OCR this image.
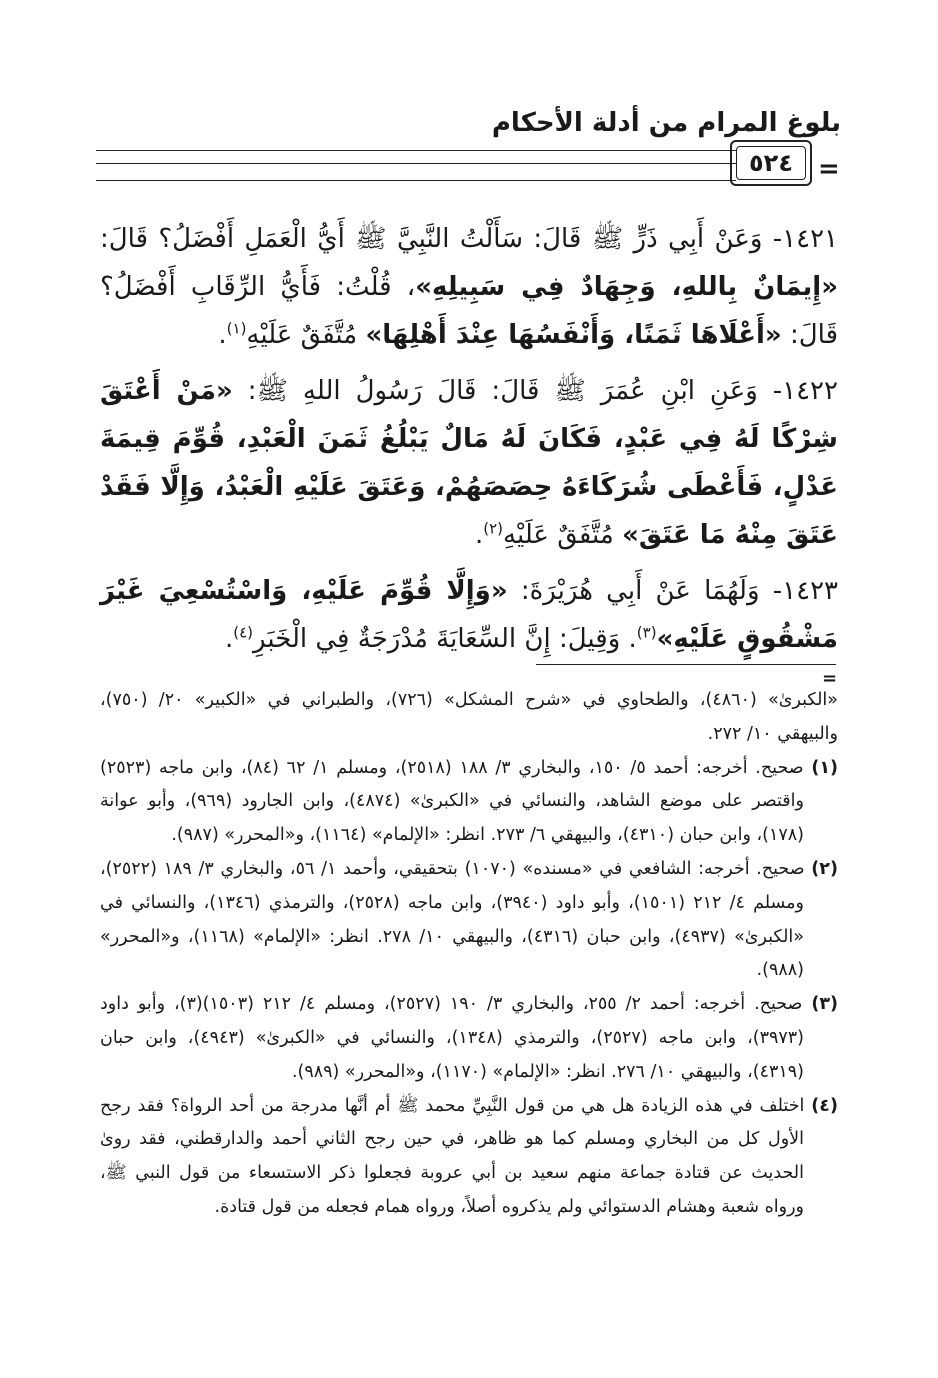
بلوغ المرام من أدلة الأحكام
٥٢٤ =

١٤٢١- وَعَنْ أَبِي ذَرٍّ ﷺ قَالَ: سَأَلْتُ النَّبِيَّ ﷺ أَيُّ الْعَمَلِ أَفْضَلُ؟ قَالَ: «إِيمَانٌ بِاللهِ، وَجِهَادٌ فِي سَبِيلِهِ»، قُلْتُ: فَأَيُّ الرِّقَابِ أَفْضَلُ؟ قَالَ: «أَعْلَاهَا ثَمَنًا، وَأَنْفَسُهَا عِنْدَ أَهْلِهَا» مُتَّفَقٌ عَلَيْهِ$^{(١)}$.

١٤٢٢- وَعَنِ ابْنِ عُمَرَ ﷺ قَالَ: قَالَ رَسُولُ اللهِ ﷺ: «مَنْ أَعْتَقَ شِرْكًا لَهُ فِي عَبْدٍ، فَكَانَ لَهُ مَالٌ يَبْلُغُ ثَمَنَ الْعَبْدِ، قُوِّمَ قِيمَةَ عَدْلٍ، فَأَعْطَى شُرَكَاءَهُ حِصَصَهُمْ، وَعَتَقَ عَلَيْهِ الْعَبْدُ، وَإِلَّا فَقَدْ عَتَقَ مِنْهُ مَا عَتَقَ» مُتَّفَقٌ عَلَيْهِ$^{(٢)}$.

١٤٢٣- وَلَهُمَا عَنْ أَبِي هُرَيْرَةَ: «وَإِلَّا قُوِّمَ عَلَيْهِ، وَاسْتُسْعِيَ غَيْرَ مَشْقُوقٍ عَلَيْهِ»$^{(٣)}$. وَقِيلَ: إِنَّ السِّعَايَةَ مُدْرَجَةٌ فِي الْخَبَرِ$^{(٤)}$.

=

«الكبرىٰ» (٤٨٦٠)، والطحاوي في «شرح المشكل» (٧٢٦)، والطبراني في «الكبير» ٢٠/ (٧٥٠)، والبيهقي ١٠/ ٢٧٢.

(١) صحيح. أخرجه: أحمد ٥/ ١٥٠، والبخاري ٣/ ١٨٨ (٢٥١٨)، ومسلم ١/ ٦٢ (٨٤)، وابن ماجه (٢٥٢٣) واقتصر على موضع الشاهد، والنسائي في «الكبرىٰ» (٤٨٧٤)، وابن الجارود (٩٦٩)، وأبو عوانة (١٧٨)، وابن حبان (٤٣١٠)، والبيهقي ٦/ ٢٧٣. انظر: «الإلمام» (١١٦٤)، و«المحرر» (٩٨٧).

(٢) صحيح. أخرجه: الشافعي في «مسنده» (١٠٧٠) بتحقيقي، وأحمد ١/ ٥٦، والبخاري ٣/ ١٨٩ (٢٥٢٢)، ومسلم ٤/ ٢١٢ (١٥٠١)، وأبو داود (٣٩٤٠)، وابن ماجه (٢٥٢٨)، والترمذي (١٣٤٦)، والنسائي في «الكبرىٰ» (٤٩٣٧)، وابن حبان (٤٣١٦)، والبيهقي ١٠/ ٢٧٨. انظر: «الإلمام» (١١٦٨)، و«المحرر» (٩٨٨).

(٣) صحيح. أخرجه: أحمد ٢/ ٢٥٥، والبخاري ٣/ ١٩٠ (٢٥٢٧)، ومسلم ٤/ ٢١٢ (١٥٠٣)(٣)، وأبو داود (٣٩٧٣)، وابن ماجه (٢٥٢٧)، والترمذي (١٣٤٨)، والنسائي في «الكبرىٰ» (٤٩٤٣)، وابن حبان (٤٣١٩)، والبيهقي ١٠/ ٢٧٦. انظر: «الإلمام» (١١٧٠)، و«المحرر» (٩٨٩).

(٤) اختلف في هذه الزيادة هل هي من قول النَّبِيِّ محمد ﷺ أم أنَّها مدرجة من أحد الرواة؟ فقد رجح الأول كل من البخاري ومسلم كما هو ظاهر، في حين رجح الثاني أحمد والدارقطني، فقد روىٰ الحديث عن قتادة جماعة منهم سعيد بن أبي عروبة فجعلوا ذكر الاستسعاء من قول النبي ﷺ، ورواه شعبة وهشام الدستوائي ولم يذكروه أصلاً، ورواه همام فجعله من قول قتادة.
